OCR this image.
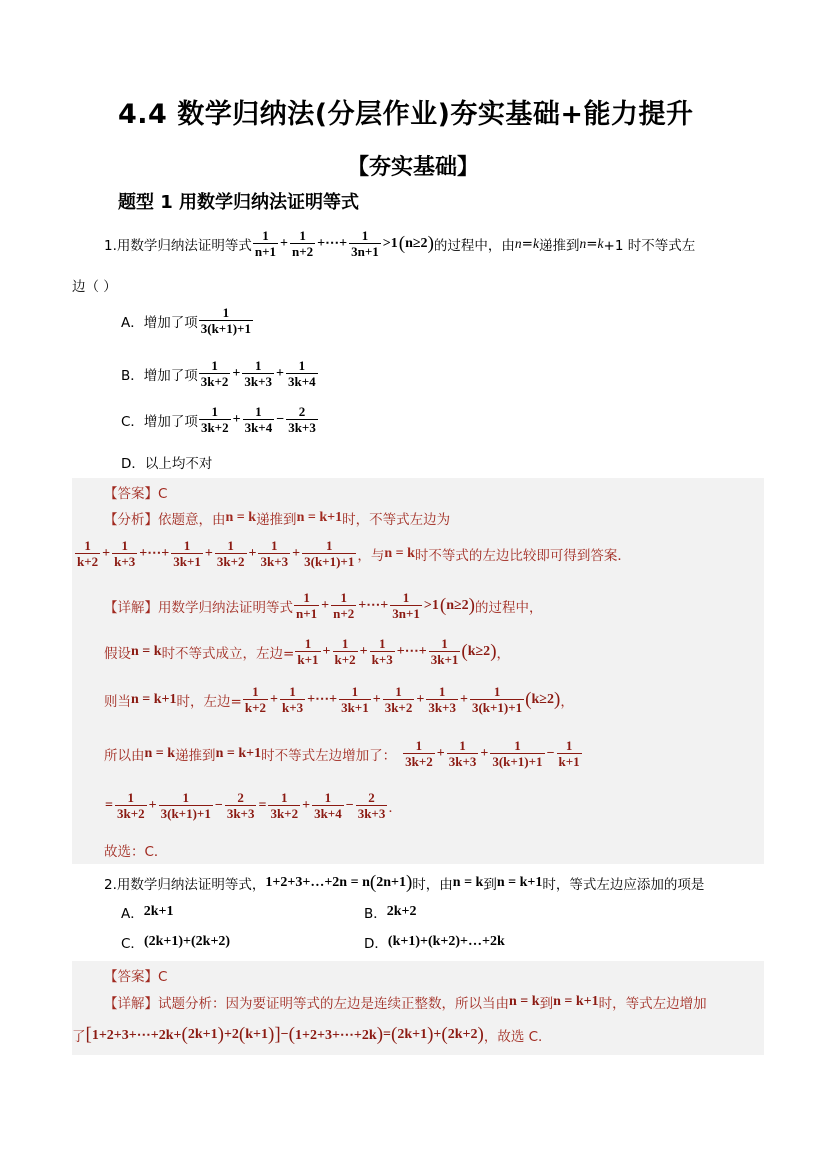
4.4 数学归纳法(分层作业)夯实基础+能力提升
【夯实基础】
题型 1 用数学归纳法证明等式
1.用数学归纳法证明等式 $\frac{1}{n+1} + \frac{1}{n+2}$ +⋯+ $\frac{1}{3n+1} >1$ ( n≥2 ) 的过程中，由 n = k 递推到 n = k +1 时不等式左
边（ ）
A．增加了项 $\frac{1}{3(k+1)+1}$
B．增加了项 $\frac{1}{3k+2} + \frac{1}{3k+3} + \frac{1}{3k+4}$
C．增加了项 $\frac{1}{3k+2} + \frac{1}{3k+4} - \frac{2}{3k+3}$
D．以上均不对
【答案】C
【分析】 依题意，由 n = k 递推到 n = k+1 时，不等式左边为
$\frac{1}{k+2} + \frac{1}{k+3}$ +⋯+ $\frac{1}{3k+1} + \frac{1}{3k+2} + \frac{1}{3k+3} + \frac{1}{3(k+1)+1}$ ，与 n = k 时不等式的左边比较即可得到答案．
【详解】 用数学归纳法证明等式 $\frac{1}{n+1} + \frac{1}{n+2}$ +⋯+ $\frac{1}{3n+1} >1$ ( n≥2 ) 的过程中，
假设 n = k 时不等式成立，左边= $\frac{1}{k+1} + \frac{1}{k+2} + \frac{1}{k+3}$ +⋯+ $\frac{1}{3k+1}$ ( k≥2 ) ，
则当 n = k+1 时，左边= $\frac{1}{k+2} + \frac{1}{k+3}$ +⋯+ $\frac{1}{3k+1} + \frac{1}{3k+2} + \frac{1}{3k+3} + \frac{1}{3(k+1)+1}$ ( k≥2 ) ，
所以由 n = k 递推到 n = k+1 时不等式左边增加了： $\frac{1}{3k+2} + \frac{1}{3k+3} + \frac{1}{3(k+1)+1} - \frac{1}{k+1}$
= $\frac{1}{3k+2} + \frac{1}{3(k+1)+1} - \frac{2}{3k+3} = \frac{1}{3k+2} + \frac{1}{3k+4} - \frac{2}{3k+3}$ ．
故选：C．
2.用数学归纳法证明等式， 1+2+3+…+2n = n ( 2n+1 ) 时，由 n = k 到 n = k+1 时，等式左边应添加的项是
A． 2k+1	B． 2k+2
C． (2k+1)+(2k+2)	D． (k+1)+(k+2)+…+2k
【答案】C
【详解】 试题分析：因为要证明等式的左边是连续正整数，所以当由 n = k 到 n = k+1 时，等式左边增加
了 [ 1+2+3+⋯+2k+ ( 2k+1 ) +2 ( k+1 ) ] − ( 1+2+3+⋯+2k ) = ( 2k+1 ) + ( 2k+2 ) ，故选 C.
